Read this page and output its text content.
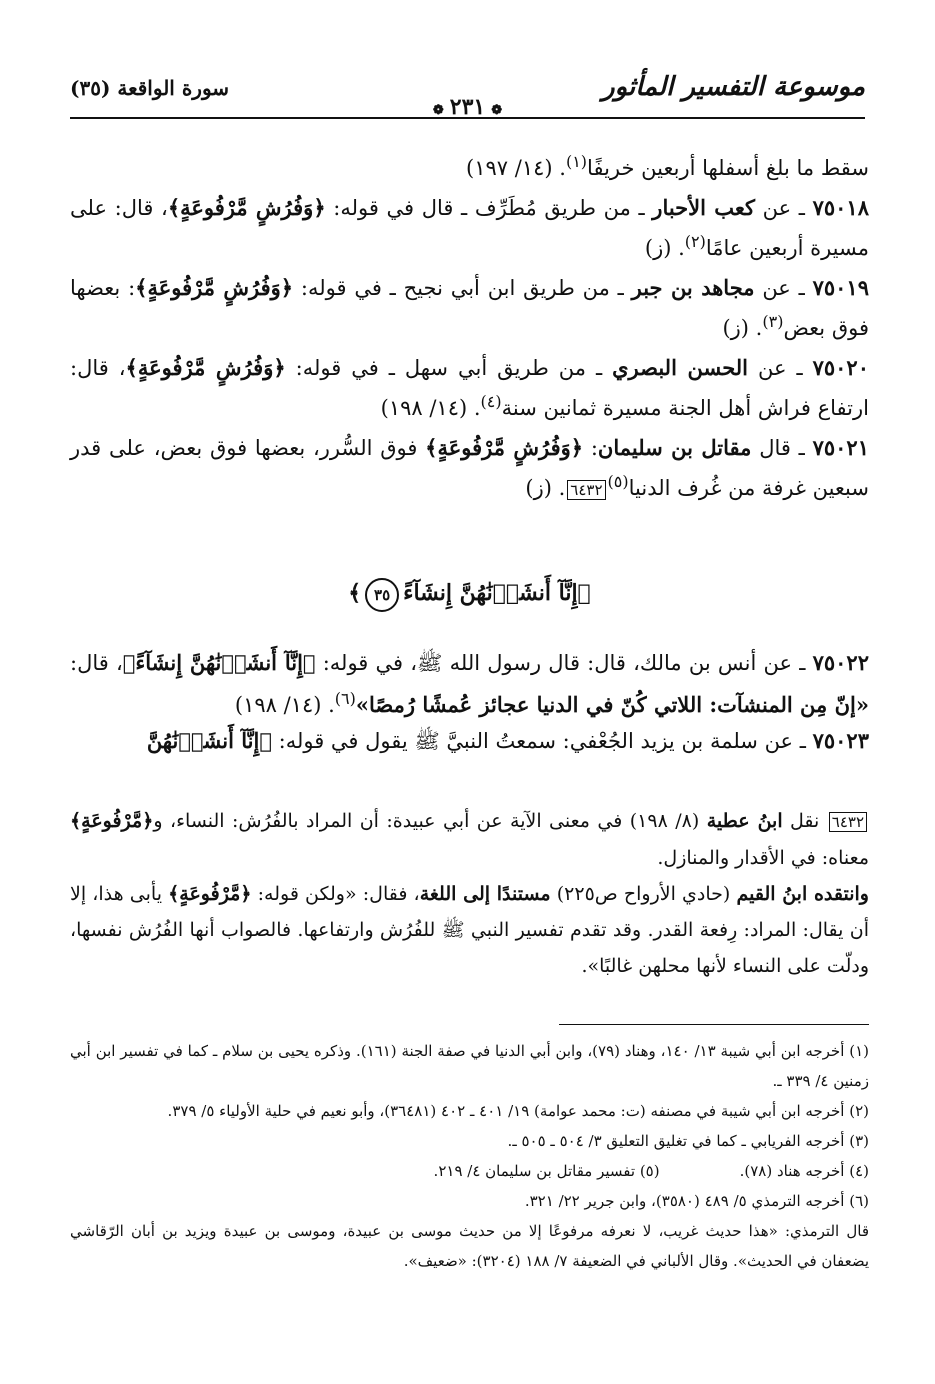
موسوعة التفسير المأثور
❁٢٣١❁
سورة الواقعة (٣٥)

سقط ما بلغ أسفلها أربعين خريفًا$^{(١)}$. (١٤/ ١٩٧)

٧٥٠١٨ ـ عن كعب الأحبار ـ من طريق مُطَرِّف ـ قال في قوله: ﴿وَفُرُشٍ مَّرْفُوعَةٍ﴾، قال: على مسيرة أربعين عامًا$^{(٢)}$. (ز)

٧٥٠١٩ ـ عن مجاهد بن جبر ـ من طريق ابن أبي نجيح ـ في قوله: ﴿وَفُرُشٍ مَّرْفُوعَةٍ﴾: بعضها فوق بعض$^{(٣)}$. (ز)

٧٥٠٢٠ ـ عن الحسن البصري ـ من طريق أبي سهل ـ في قوله: ﴿وَفُرُشٍ مَّرْفُوعَةٍ﴾، قال: ارتفاع فراش أهل الجنة مسيرة ثمانين سنة$^{(٤)}$. (١٤/ ١٩٨)

٧٥٠٢١ ـ قال مقاتل بن سليمان: ﴿وَفُرُشٍ مَّرْفُوعَةٍ﴾ فوق السُّرر، بعضها فوق بعض، على قدر سبعين غرفة من غُرف الدنيا$^{(٥)}$٦٤٣٢. (ز)

﴿إِنَّآ أَنشَأۡنَٰهُنَّ إِنشَآءً٣٥﴾

٧٥٠٢٢ ـ عن أنس بن مالك، قال: قال رسول الله ﷺ، في قوله: ﴿إِنَّآ أَنشَأۡنَٰهُنَّ إِنشَآءً﴾، قال: «إنّ مِن المنشآت: اللاتي كُنّ في الدنيا عجائز عُمشًا رُمصًا»$^{(٦)}$. (١٤/ ١٩٨)

٧٥٠٢٣ ـ عن سلمة بن يزيد الجُعْفي: سمعتُ النبيَّ ﷺ يقول في قوله: ﴿إِنَّآ أَنشَأۡنَٰهُنَّ

٦٤٣٢ نقل ابنُ عطية (٨/ ١٩٨) في معنى الآية عن أبي عبيدة: أن المراد بالفُرُش: النساء، و﴿مَّرْفُوعَةٍ﴾ معناه: في الأقدار والمنازل.

وانتقده ابنُ القيم (حادي الأرواح ص٢٢٥) مستندًا إلى اللغة، فقال: «ولكن قوله: ﴿مَّرْفُوعَةٍ﴾ يأبى هذا، إلا أن يقال: المراد: رِفعة القدر. وقد تقدم تفسير النبي ﷺ للفُرُش وارتفاعها. فالصواب أنها الفُرُش نفسها، ودلّت على النساء لأنها محلهن غالبًا».

(١) أخرجه ابن أبي شيبة ١٣/ ١٤٠، وهناد (٧٩)، وابن أبي الدنيا في صفة الجنة (١٦١). وذكره يحيى بن سلام ـ كما في تفسير ابن أبي زمنين ٤/ ٣٣٩ ـ.

(٢) أخرجه ابن أبي شيبة في مصنفه (ت: محمد عوامة) ١٩/ ٤٠١ ـ ٤٠٢ (٣٦٤٨١)، وأبو نعيم في حلية الأولياء ٥/ ٣٧٩.

(٣) أخرجه الفريابي ـ كما في تغليق التعليق ٣/ ٥٠٤ ـ ٥٠٥ ـ.

(٤) أخرجه هناد (٧٨).
(٥) تفسير مقاتل بن سليمان ٤/ ٢١٩.

(٦) أخرجه الترمذي ٥/ ٤٨٩ (٣٥٨٠)، وابن جرير ٢٢/ ٣٢١.

قال الترمذي: «هذا حديث غريب، لا نعرفه مرفوعًا إلا من حديث موسى بن عبيدة، وموسى بن عبيدة ويزيد بن أبان الرّقاشي يضعفان في الحديث». وقال الألباني في الضعيفة ٧/ ١٨٨ (٣٢٠٤): «ضعيف».
